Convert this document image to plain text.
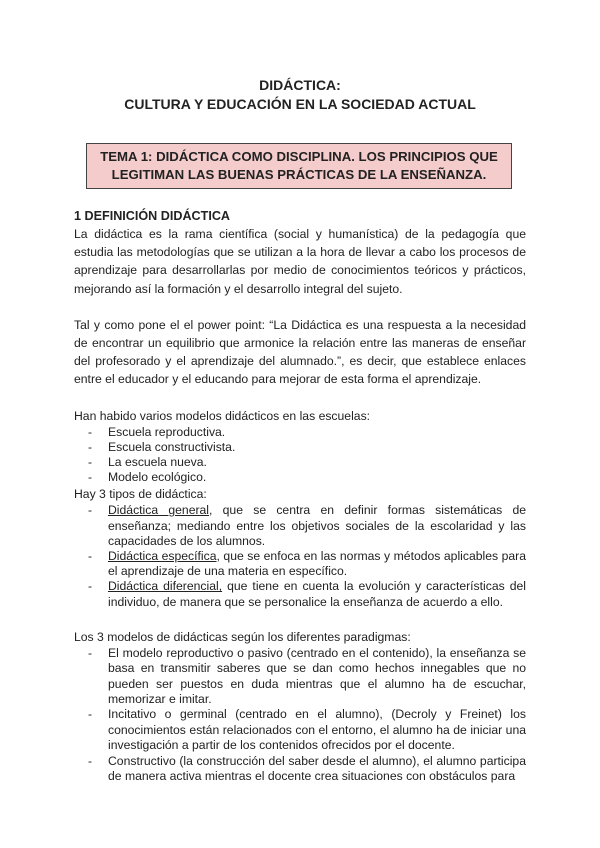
DIDÁCTICA:
CULTURA Y EDUCACIÓN EN LA SOCIEDAD ACTUAL
TEMA 1: DIDÁCTICA COMO DISCIPLINA. LOS PRINCIPIOS QUE
LEGITIMAN LAS BUENAS PRÁCTICAS DE LA ENSEÑANZA.
1 DEFINICIÓN DIDÁCTICA

La didáctica es la rama científica (social y humanística) de la pedagogía que estudia las metodologías que se utilizan a la hora de llevar a cabo los procesos de aprendizaje para desarrollarlas por medio de conocimientos teóricos y prácticos, mejorando así la formación y el desarrollo integral del sujeto.

Tal y como pone el el power point: “La Didáctica es una respuesta a la necesidad de encontrar un equilibrio que armonice la relación entre las maneras de enseñar del profesorado y el aprendizaje del alumnado.”, es decir, que establece enlaces entre el educador y el educando para mejorar de esta forma el aprendizaje.

Han habido varios modelos didácticos en las escuelas:

- Escuela reproductiva.
- Escuela constructivista.
- La escuela nueva.
- Modelo ecológico.

Hay 3 tipos de didáctica:

- Didáctica general, que se centra en definir formas sistemáticas de enseñanza; mediando entre los objetivos sociales de la escolaridad y las capacidades de los alumnos.
- Didáctica específica, que se enfoca en las normas y métodos aplicables para el aprendizaje de una materia en específico.
- Didáctica diferencial, que tiene en cuenta la evolución y características del individuo, de manera que se personalice la enseñanza de acuerdo a ello.

Los 3 modelos de didácticas según los diferentes paradigmas:

- El modelo reproductivo o pasivo (centrado en el contenido), la enseñanza se basa en transmitir saberes que se dan como hechos innegables que no pueden ser puestos en duda mientras que el alumno ha de escuchar, memorizar e imitar.
- Incitativo o germinal (centrado en el alumno), (Decroly y Freinet) los conocimientos están relacionados con el entorno, el alumno ha de iniciar una investigación a partir de los contenidos ofrecidos por el docente.
- Constructivo (la construcción del saber desde el alumno), el alumno participa de manera activa mientras el docente crea situaciones con obstáculos para
